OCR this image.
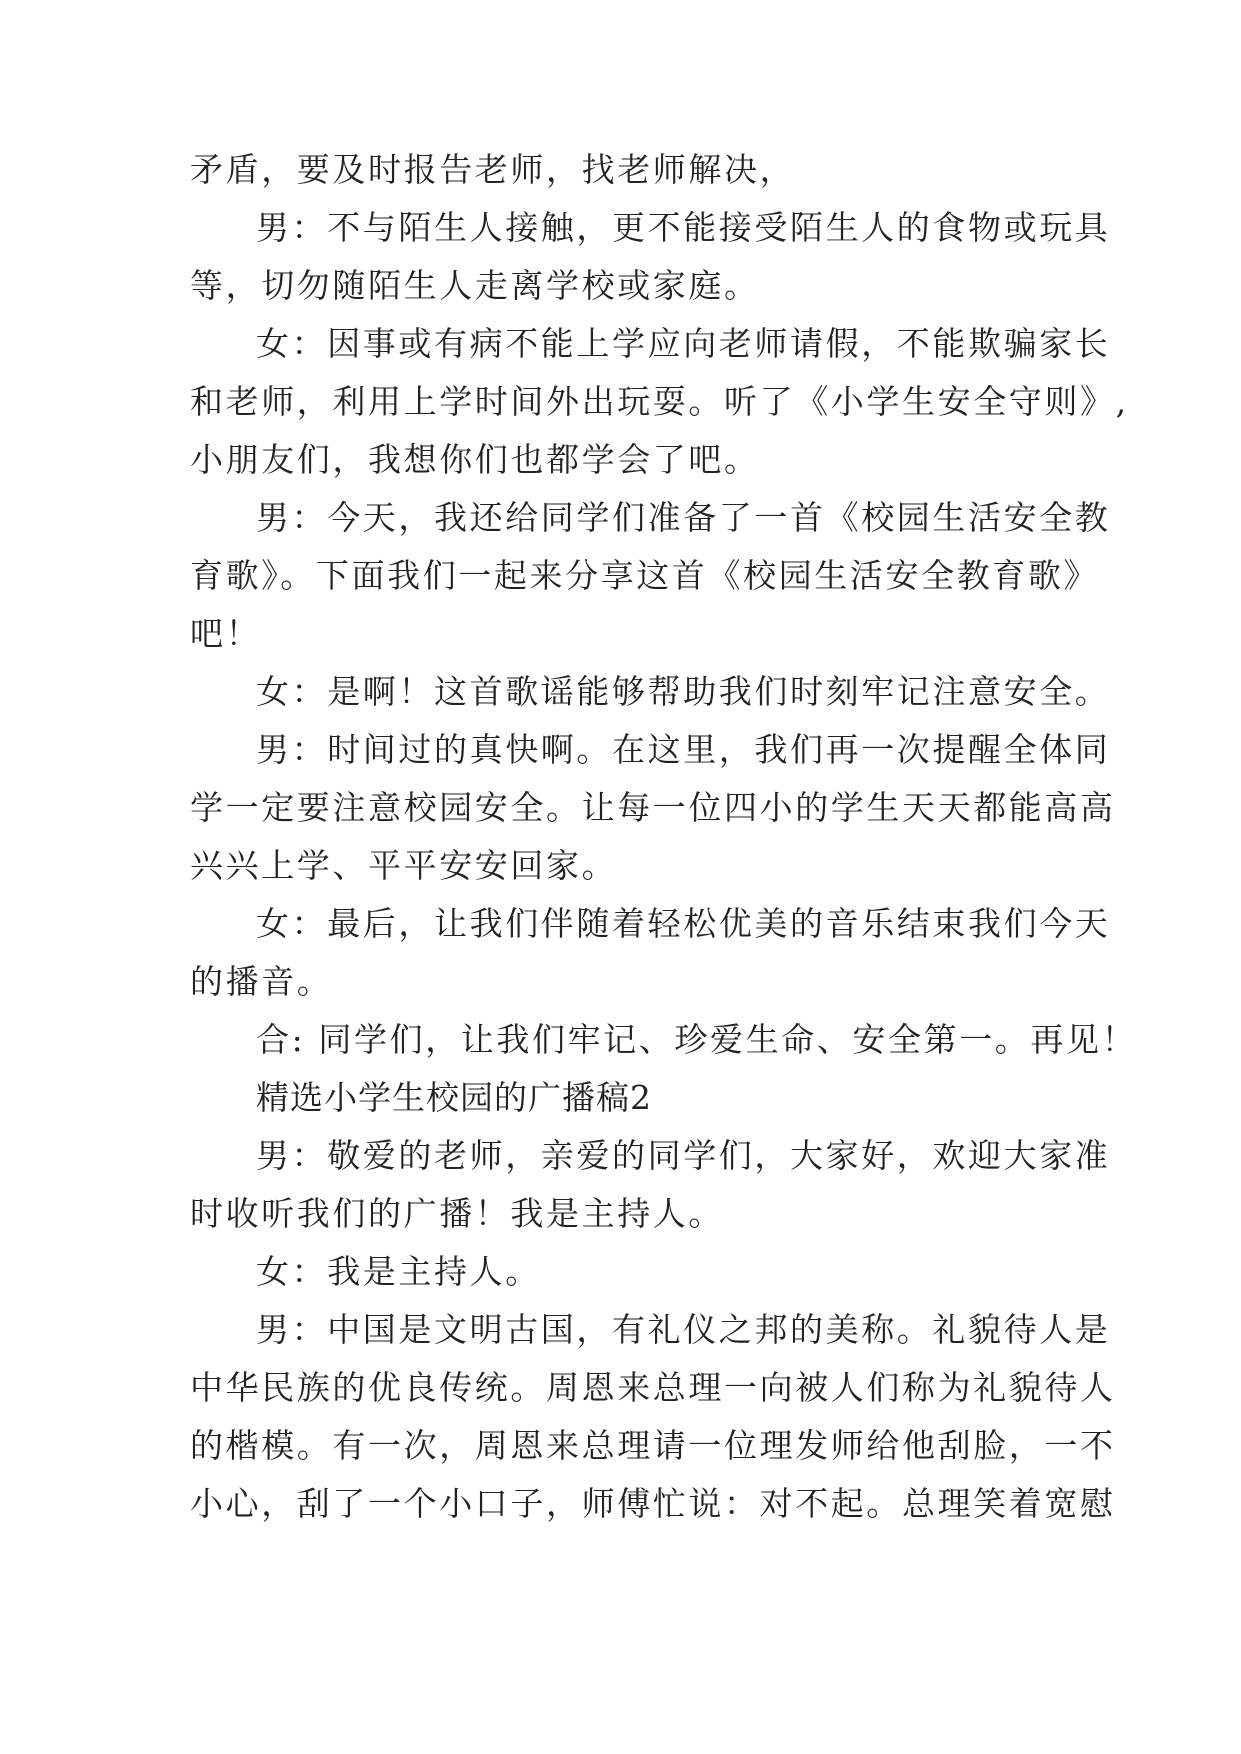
矛盾，要及时报告老师，找老师解决，
男：不与陌生人接触，更不能接受陌生人的食物或玩具
等，切勿随陌生人走离学校或家庭。
女：因事或有病不能上学应向老师请假，不能欺骗家长
和老师，利用上学时间外出玩耍。听了《小学生安全守则》,
小朋友们，我想你们也都学会了吧。
男：今天，我还给同学们准备了一首《校园生活安全教
育歌》。下面我们一起来分享这首《校园生活安全教育歌》
吧！
女：是啊！这首歌谣能够帮助我们时刻牢记注意安全。
男：时间过的真快啊。在这里，我们再一次提醒全体同
学一定要注意校园安全。让每一位四小的学生天天都能高高
兴兴上学、平平安安回家。
女：最后，让我们伴随着轻松优美的音乐结束我们今天
的播音。
合: 同学们，让我们牢记、珍爱生命、安全第一。再见！
精选小学生校园的广播稿2
男：敬爱的老师，亲爱的同学们，大家好，欢迎大家准
时收听我们的广播！我是主持人。
女：我是主持人。
男：中国是文明古国，有礼仪之邦的美称。礼貌待人是
中华民族的优良传统。周恩来总理一向被人们称为礼貌待人
的楷模。有一次，周恩来总理请一位理发师给他刮脸，一不
小心，刮了一个小口子，师傅忙说：对不起。总理笑着宽慰
